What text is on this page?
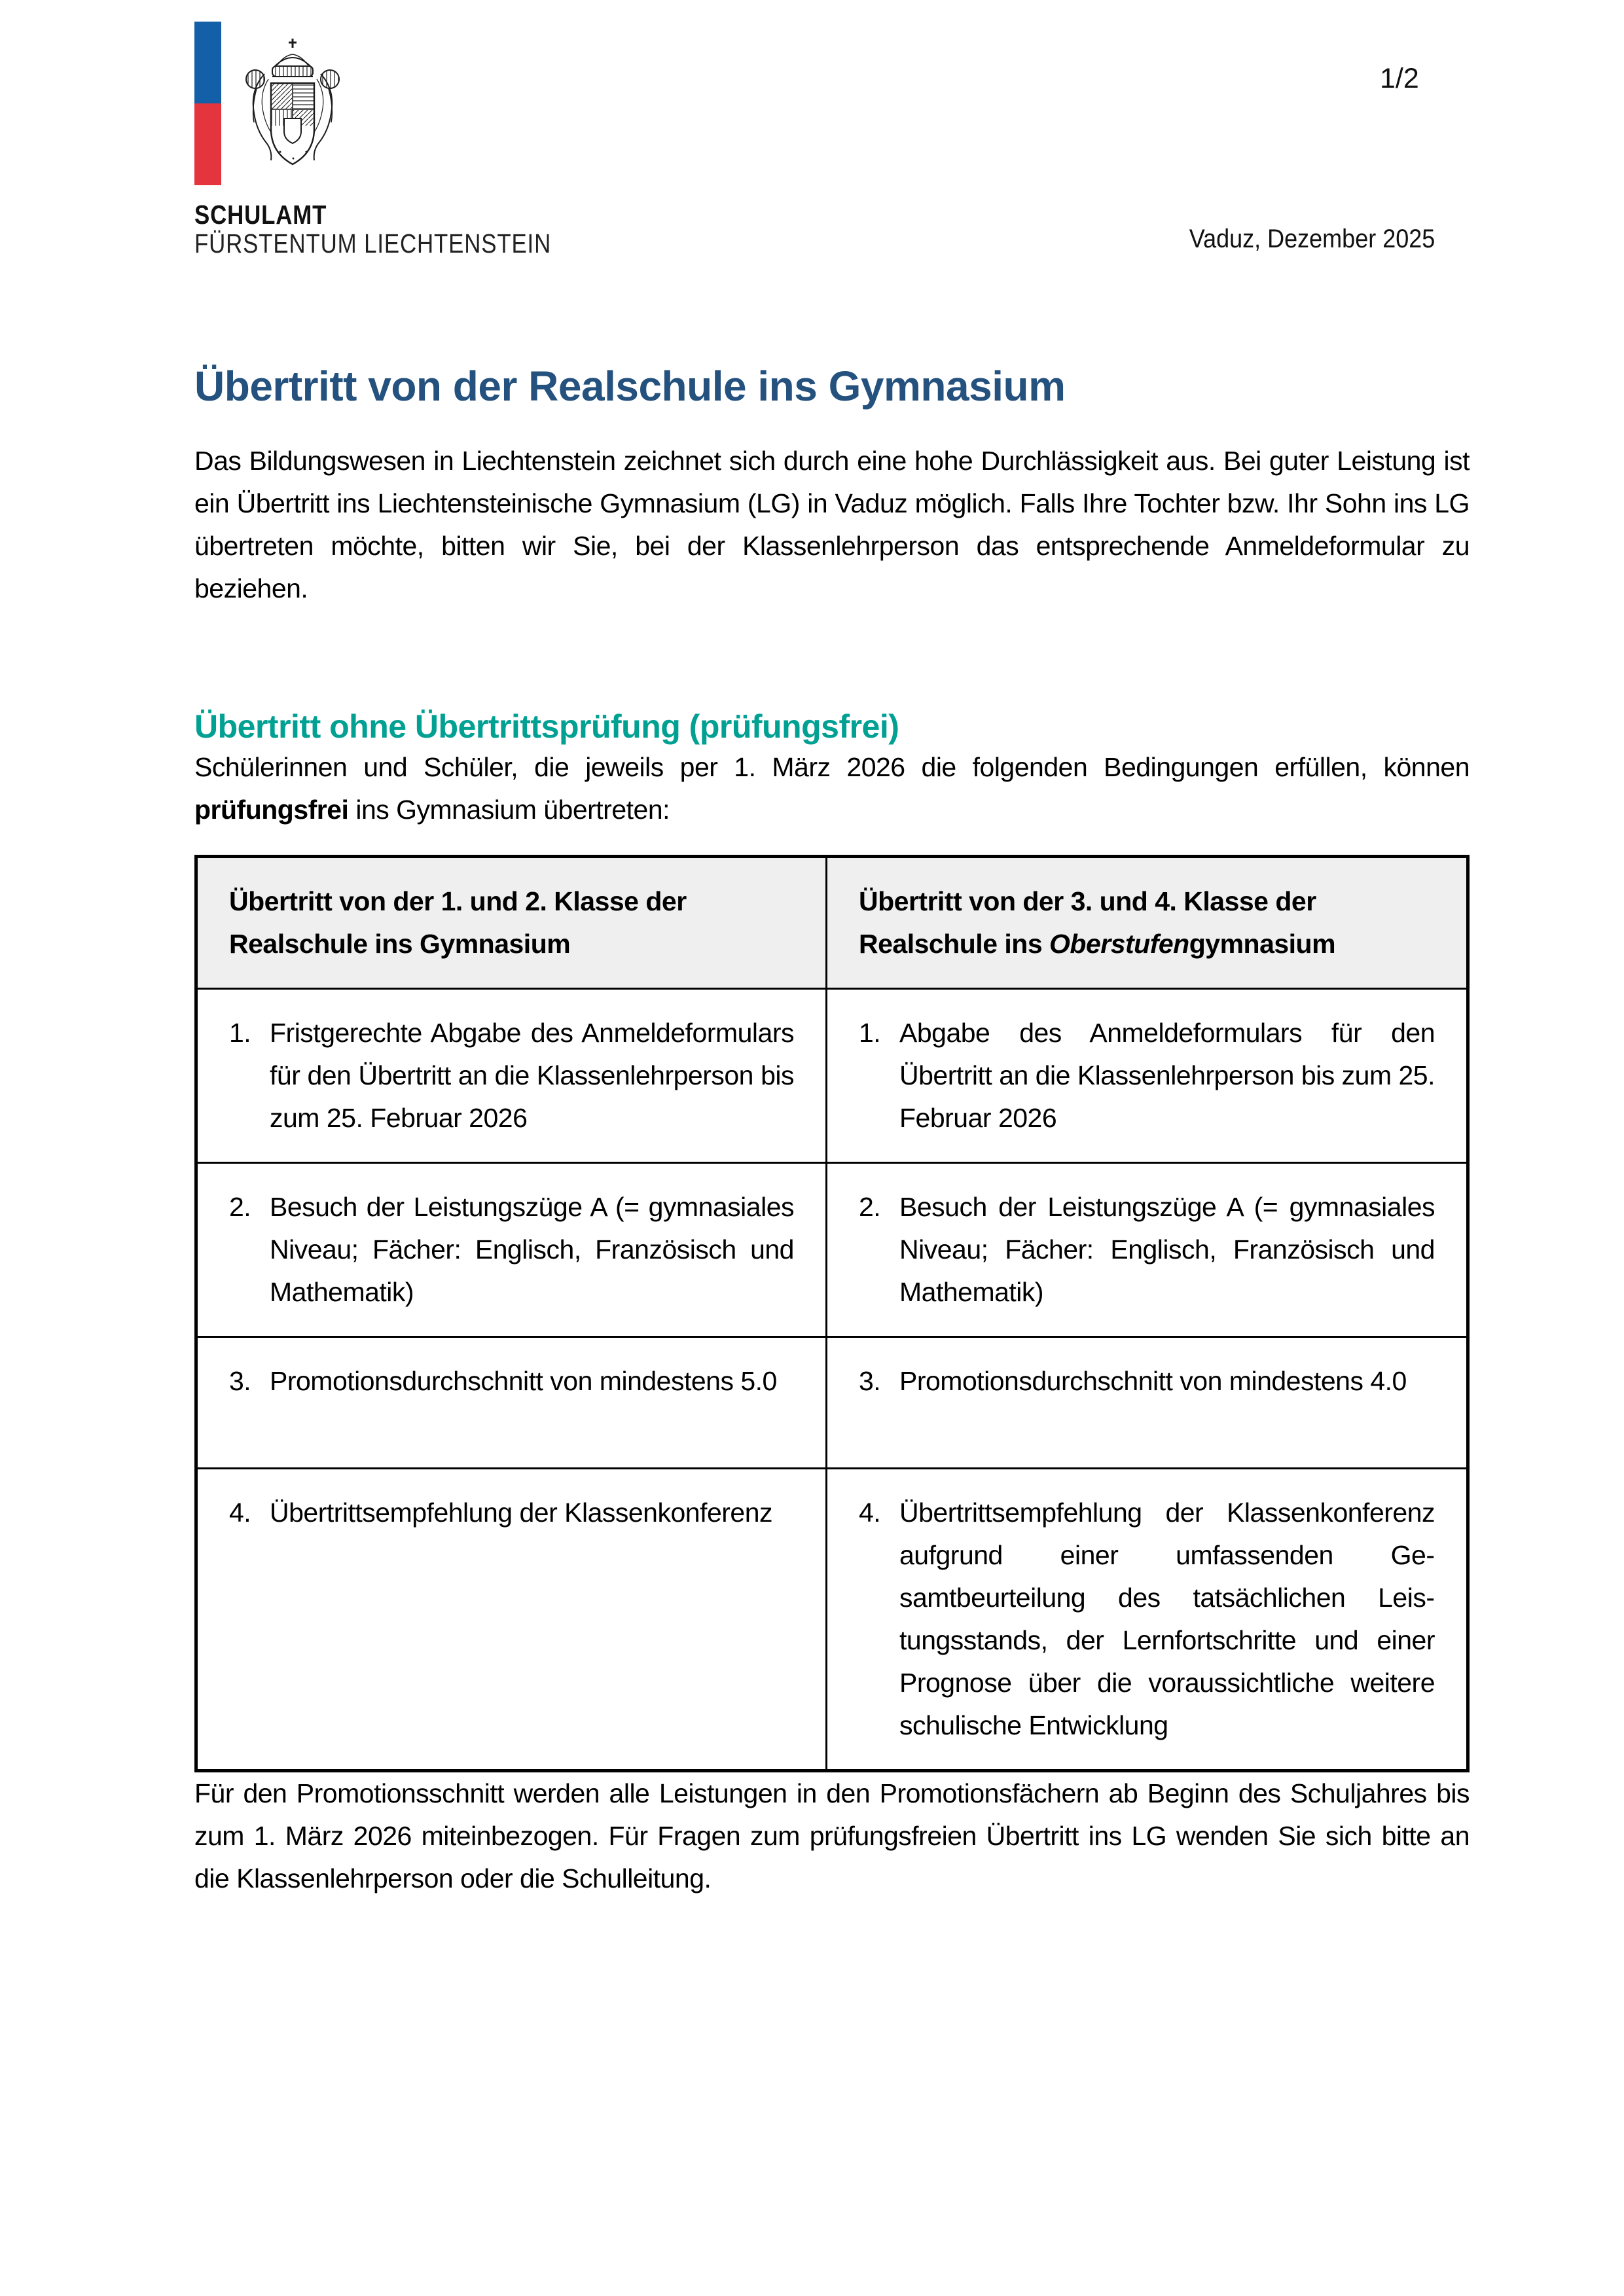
SCHULAMT
FÜRSTENTUM LIECHTENSTEIN
1/2
Vaduz, Dezember 2025
Übertritt von der Realschule ins Gymnasium

Das Bildungswesen in Liechtenstein zeichnet sich durch eine hohe Durchlässigkeit aus. Bei guter Leistung ist ein Übertritt ins Liechtensteinische Gymnasium (LG) in Vaduz möglich. Falls Ihre Tochter bzw. Ihr Sohn ins LG übertreten möchte, bitten wir Sie, bei der Klassenlehrperson das entsprechende Anmeldeformular zu beziehen.

Übertritt ohne Übertrittsprüfung (prüfungsfrei)

Schülerinnen und Schüler, die jeweils per 1. März 2026 die folgenden Bedingungen erfüllen, können prüfungsfrei ins Gymnasium übertreten:

Übertritt von der 1. und 2. Klasse der Realschule ins Gymnasium
Übertritt von der 3. und 4. Klasse der Realschule ins Oberstufengymnasium
1. Fristgerechte Abgabe des Anmeldeformulars für den Übertritt an die Klassenlehrperson bis zum 25. Februar 2026
1. Abgabe des Anmeldeformulars für den Übertritt an die Klassenlehrperson bis zum 25. Februar 2026
2. Besuch der Leistungszüge A (= gymnasiales Niveau; Fächer: Englisch, Französisch und Mathematik)
2. Besuch der Leistungszüge A (= gymnasiales Niveau; Fächer: Englisch, Französisch und Mathematik)
3. Promotionsdurchschnitt von mindestens 5.0	3. Promotionsdurchschnitt von mindestens 4.0
4. Übertrittsempfehlung der Klassenkonferenz	4. Übertrittsempfehlung der Klassenkonferenz aufgrund einer umfassenden Gesamtbeurteilung des tatsächlichen Leistungsstands, der Lernfortschritte und einer Prognose über die voraussichtliche weitere schulische Entwicklung

Für den Promotionsschnitt werden alle Leistungen in den Promotionsfächern ab Beginn des Schuljahres bis zum 1. März 2026 miteinbezogen. Für Fragen zum prüfungsfreien Übertritt ins LG wenden Sie sich bitte an die Klassenlehrperson oder die Schulleitung.
